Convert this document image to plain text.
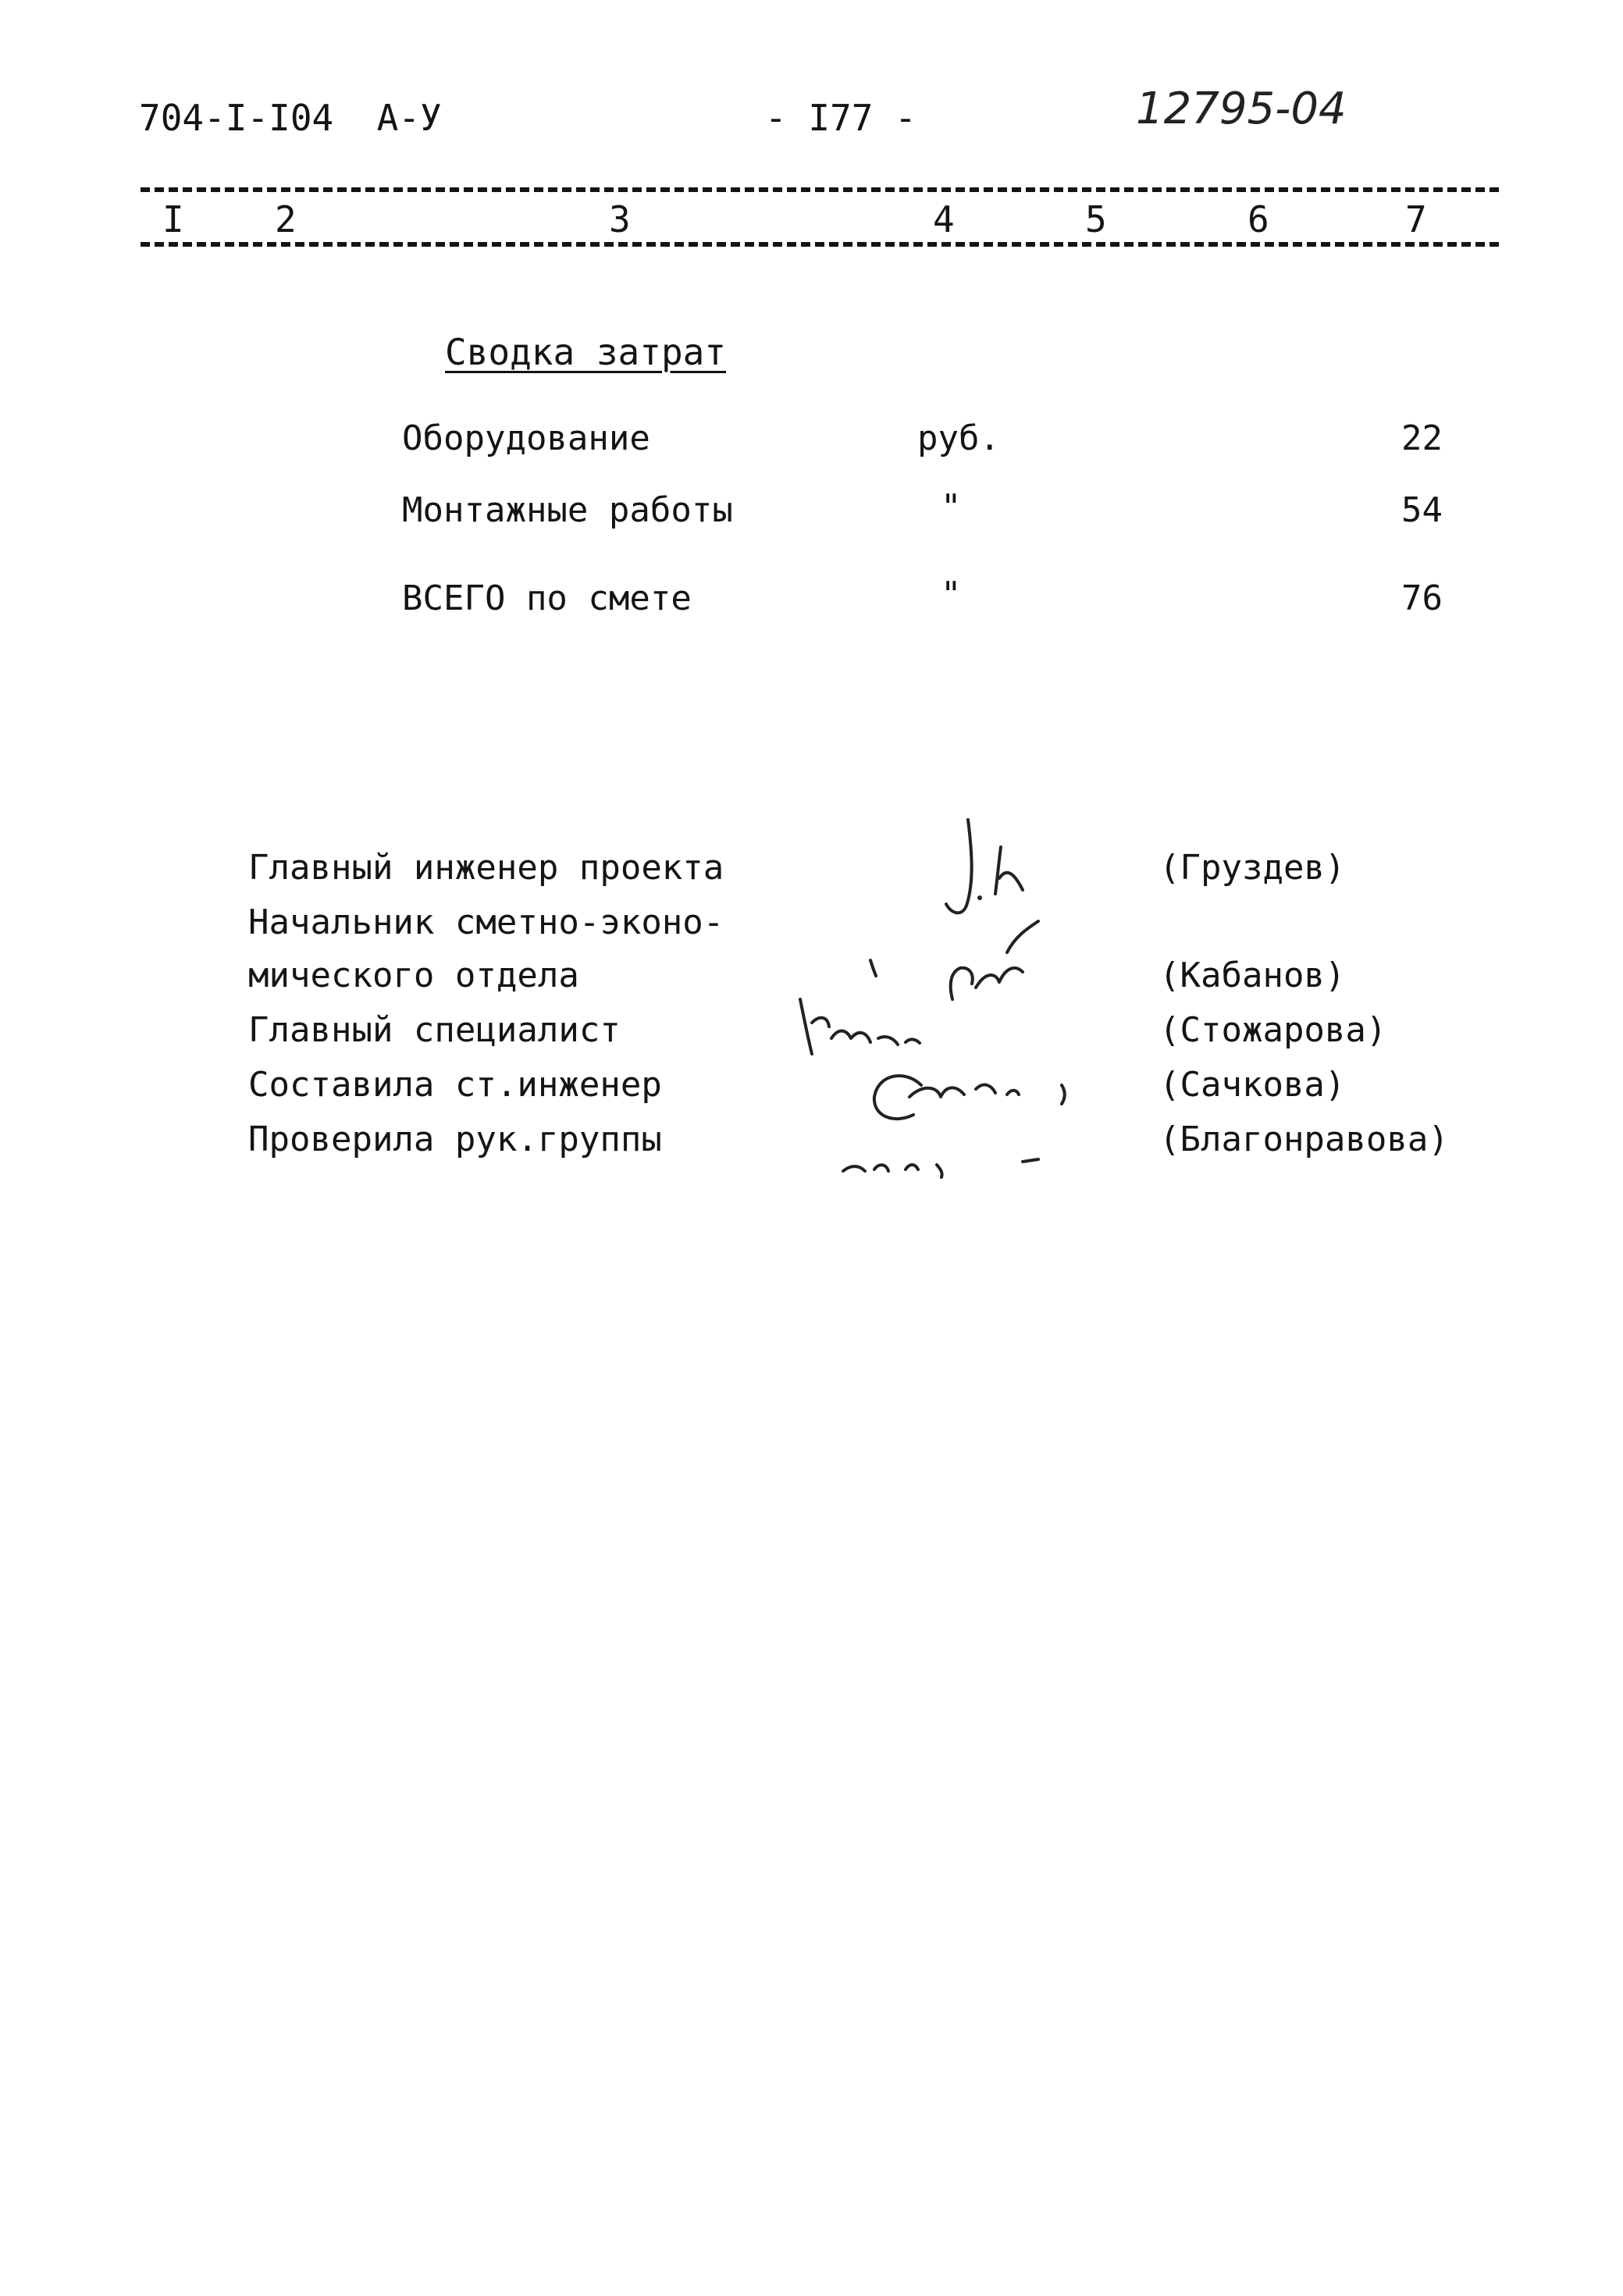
704-I-I04  А-У	- I77 -	12795-04
I	2	3	4	5	6	7
Сводка затрат
Оборудование	руб.	22
Монтажные работы	"	54
ВСЕГО по смете	"	76
Главный инженер проекта	(Груздев)
Начальник сметно-эконо-
мического отдела	(Кабанов)
Главный специалист	(Стожарова)
Составила ст.инженер	(Сачкова)
Проверила рук.группы	(Благонравова)
